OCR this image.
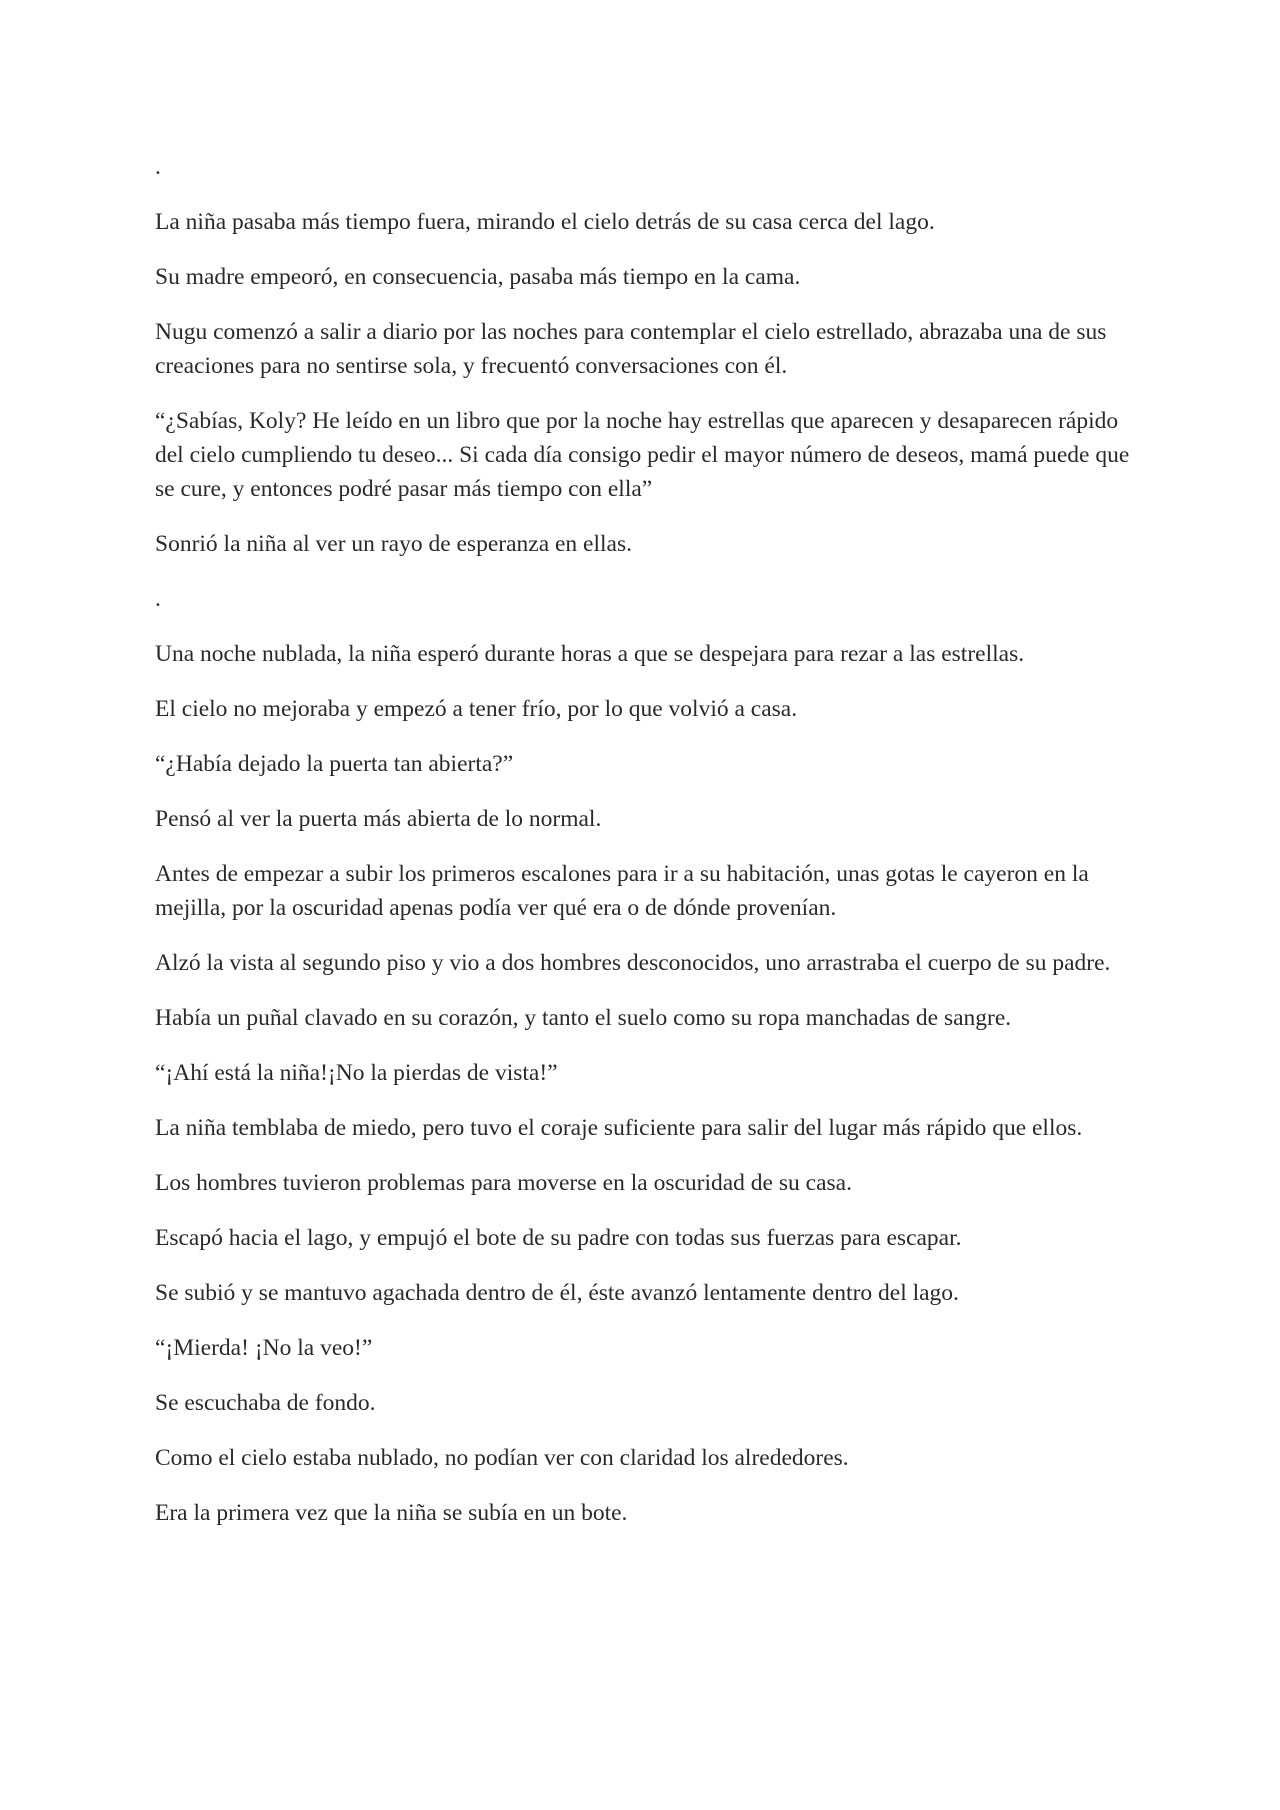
.

La niña pasaba más tiempo fuera, mirando el cielo detrás de su casa cerca del lago.

Su madre empeoró, en consecuencia, pasaba más tiempo en la cama.

Nugu comenzó a salir a diario por las noches para contemplar el cielo estrellado, abrazaba una de sus creaciones para no sentirse sola, y frecuentó conversaciones con él.

“¿Sabías, Koly? He leído en un libro que por la noche hay estrellas que aparecen y desaparecen rápido del cielo cumpliendo tu deseo... Si cada día consigo pedir el mayor número de deseos, mamá puede que se cure, y entonces podré pasar más tiempo con ella”

Sonrió la niña al ver un rayo de esperanza en ellas.

.

Una noche nublada, la niña esperó durante horas a que se despejara para rezar a las estrellas.

El cielo no mejoraba y empezó a tener frío, por lo que volvió a casa.

“¿Había dejado la puerta tan abierta?”

Pensó al ver la puerta más abierta de lo normal.

Antes de empezar a subir los primeros escalones para ir a su habitación, unas gotas le cayeron en la mejilla, por la oscuridad apenas podía ver qué era o de dónde provenían.

Alzó la vista al segundo piso y vio a dos hombres desconocidos, uno arrastraba el cuerpo de su padre.

Había un puñal clavado en su corazón, y tanto el suelo como su ropa manchadas de sangre.

“¡Ahí está la niña!¡No la pierdas de vista!”

La niña temblaba de miedo, pero tuvo el coraje suficiente para salir del lugar más rápido que ellos.

Los hombres tuvieron problemas para moverse en la oscuridad de su casa.

Escapó hacia el lago, y empujó el bote de su padre con todas sus fuerzas para escapar.

Se subió y se mantuvo agachada dentro de él, éste avanzó lentamente dentro del lago.

“¡Mierda! ¡No la veo!”

Se escuchaba de fondo.

Como el cielo estaba nublado, no podían ver con claridad los alrededores.

Era la primera vez que la niña se subía en un bote.
